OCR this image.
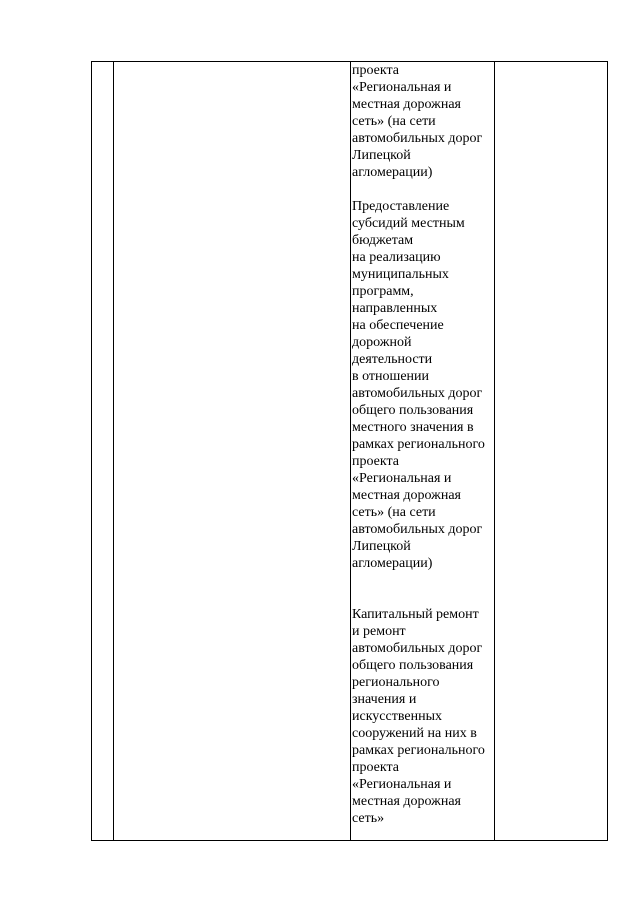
проекта
«Региональная и
местная дорожная
сеть» (на сети
автомобильных дорог
Липецкой
агломерации)
Предоставление
субсидий местным
бюджетам
на реализацию
муниципальных
программ,
направленных
на обеспечение
дорожной
деятельности
в отношении
автомобильных дорог
общего пользования
местного значения в
рамках регионального
проекта
«Региональная и
местная дорожная
сеть» (на сети
автомобильных дорог
Липецкой
агломерации)
Капитальный ремонт
и ремонт
автомобильных дорог
общего пользования
регионального
значения и
искусственных
сооружений на них в
рамках регионального
проекта
«Региональная и
местная дорожная
сеть»
